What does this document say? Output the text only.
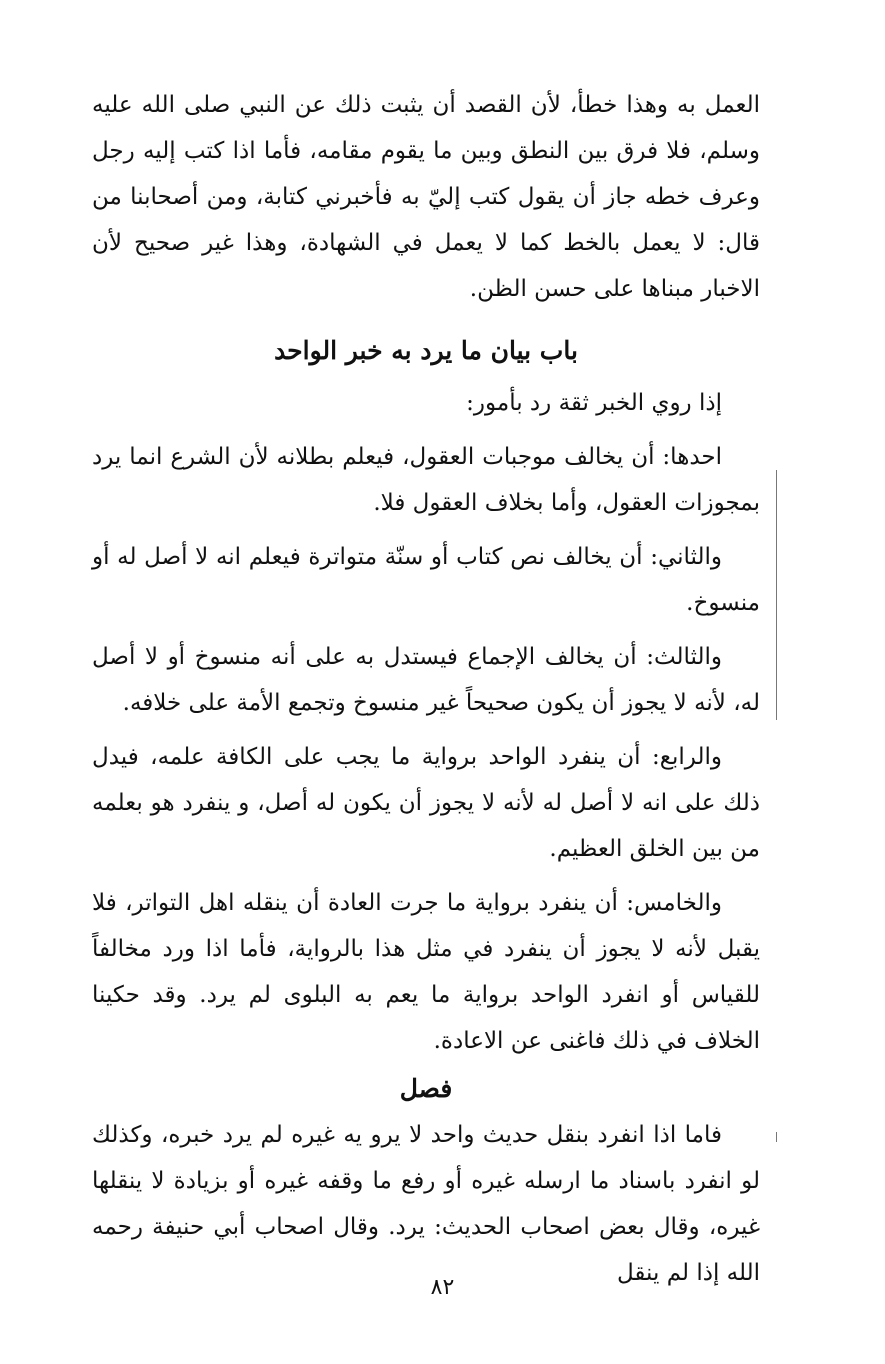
العمل به وهذا خطأ، لأن القصد أن يثبت ذلك عن النبي صلى الله عليه وسلم، فلا فرق بين النطق وبين ما يقوم مقامه، فأما اذا كتب إليه رجل وعرف خطه جاز أن يقول كتب إليّ به فأخبرني كتابة، ومن أصحابنا من قال: لا يعمل بالخط كما لا يعمل في الشهادة، وهذا غير صحيح لأن الاخبار مبناها على حسن الظن.

باب بيان ما يرد به خبر الواحد

إذا روي الخبر ثقة رد بأمور:

احدها: أن يخالف موجبات العقول، فيعلم بطلانه لأن الشرع انما يرد بمجوزات العقول، وأما بخلاف العقول فلا.

والثاني: أن يخالف نص كتاب أو سنّة متواترة فيعلم انه لا أصل له أو منسوخ.

والثالث: أن يخالف الإجماع فيستدل به على أنه منسوخ أو لا أصل له، لأنه لا يجوز أن يكون صحيحاً غير منسوخ وتجمع الأمة على خلافه.

والرابع: أن ينفرد الواحد برواية ما يجب على الكافة علمه، فيدل ذلك على انه لا أصل له لأنه لا يجوز أن يكون له أصل، و ينفرد هو بعلمه من بين الخلق العظيم.

والخامس: أن ينفرد برواية ما جرت العادة أن ينقله اهل التواتر، فلا يقبل لأنه لا يجوز أن ينفرد في مثل هذا بالرواية، فأما اذا ورد مخالفاً للقياس أو انفرد الواحد برواية ما يعم به البلوى لم يرد. وقد حكينا الخلاف في ذلك فاغنى عن الاعادة.

فصل

فاما اذا انفرد بنقل حديث واحد لا يرو يه غيره لم يرد خبره، وكذلك لو انفرد باسناد ما ارسله غيره أو رفع ما وقفه غيره أو بزيادة لا ينقلها غيره، وقال بعض اصحاب الحديث: يرد. وقال اصحاب أبي حنيفة رحمه الله إذا لم ينقل

٨٢
